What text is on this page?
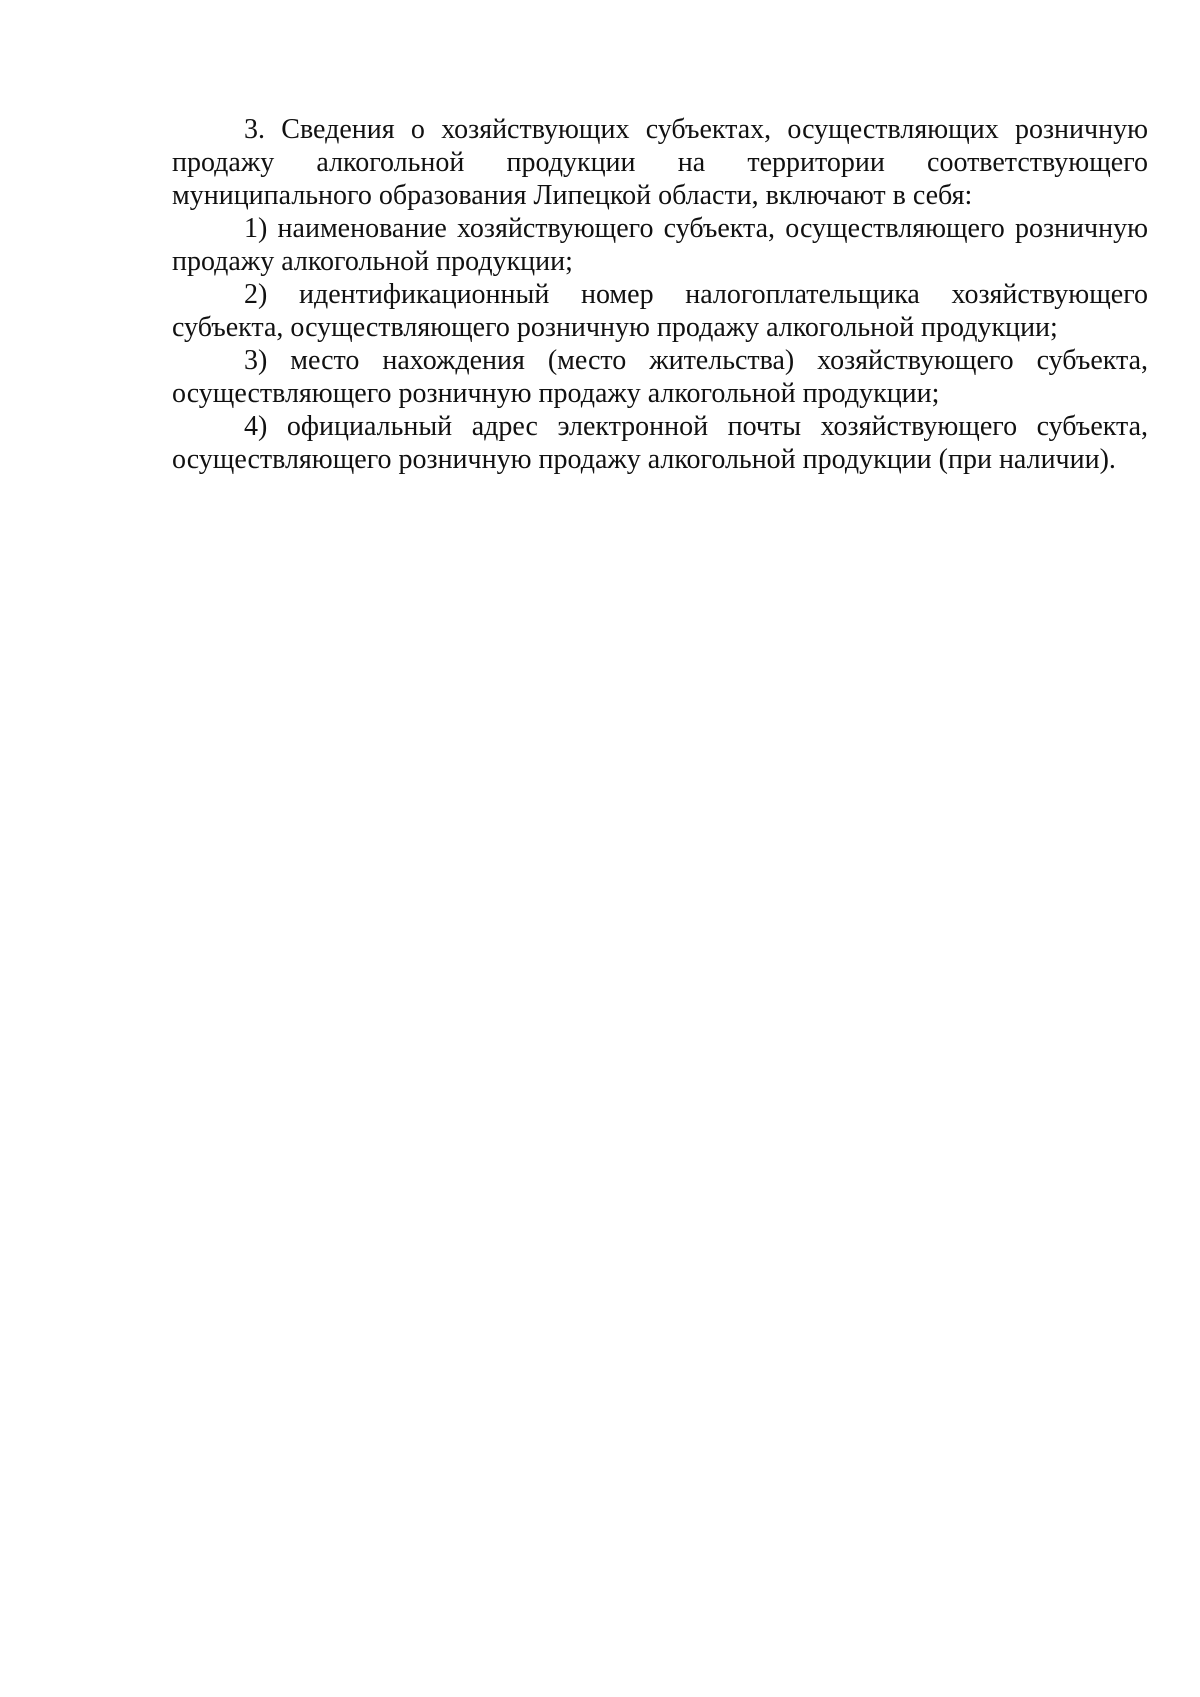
3. Сведения о хозяйствующих субъектах, осуществляющих розничную продажу алкогольной продукции на территории соответствующего муниципального образования Липецкой области, включают в себя:

1) наименование хозяйствующего субъекта, осуществляющего розничную продажу алкогольной продукции;

2) идентификационный номер налогоплательщика хозяйствующего субъекта, осуществляющего розничную продажу алкогольной продукции;

3) место нахождения (место жительства) хозяйствующего субъекта, осуществляющего розничную продажу алкогольной продукции;

4) официальный адрес электронной почты хозяйствующего субъекта, осуществляющего розничную продажу алкогольной продукции (при наличии).
